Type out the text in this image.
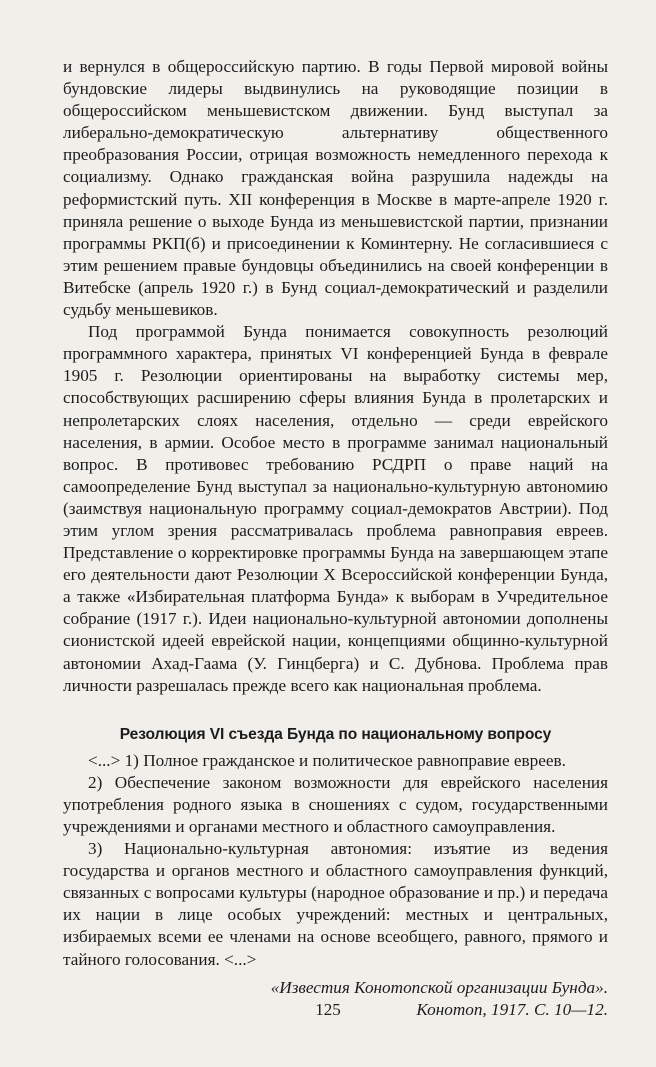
и вернулся в общероссийскую партию. В годы Первой мировой войны бундовские лидеры выдвинулись на руководящие позиции в общероссийском меньшевистском движении. Бунд выступал за либерально-демократическую альтернативу общественного преобразования России, отрицая возможность немедленного перехода к социализму. Однако гражданская война разрушила надежды на реформистский путь. XII конференция в Москве в марте-апреле 1920 г. приняла решение о выходе Бунда из меньшевистской партии, признании программы РКП(б) и присоединении к Коминтерну. Не согласившиеся с этим решением правые бундовцы объединились на своей конференции в Витебске (апрель 1920 г.) в Бунд социал-демократический и разделили судьбу меньшевиков.

Под программой Бунда понимается совокупность резолюций программного характера, принятых VI конференцией Бунда в феврале 1905 г. Резолюции ориентированы на выработку системы мер, способствующих расширению сферы влияния Бунда в пролетарских и непролетарских слоях населения, отдельно — среди еврейского населения, в армии. Особое место в программе занимал национальный вопрос. В противовес требованию РСДРП о праве наций на самоопределение Бунд выступал за национально-культурную автономию (заимствуя национальную программу социал-демократов Австрии). Под этим углом зрения рассматривалась проблема равноправия евреев. Представление о корректировке программы Бунда на завершающем этапе его деятельности дают Резолюции X Всероссийской конференции Бунда, а также «Избирательная платформа Бунда» к выборам в Учредительное собрание (1917 г.). Идеи национально-культурной автономии дополнены сионистской идеей еврейской нации, концепциями общинно-культурной автономии Ахад-Гаама (У. Гинцберга) и С. Дубнова. Проблема прав личности разрешалась прежде всего как национальная проблема.

Резолюция VI съезда Бунда по национальному вопросу

<...> 1) Полное гражданское и политическое равноправие евреев.

2) Обеспечение законом возможности для еврейского населения употребления родного языка в сношениях с судом, государственными учреждениями и органами местного и областного самоуправления.

3) Национально-культурная автономия: изъятие из ведения государства и органов местного и областного самоуправления функций, связанных с вопросами культуры (народное образование и пр.) и передача их нации в лице особых учреждений: местных и центральных, избираемых всеми ее членами на основе всеобщего, равного, прямого и тайного голосования. <...>

«Известия Конотопской организации Бунда».
Конотоп, 1917. С. 10—12.
125
